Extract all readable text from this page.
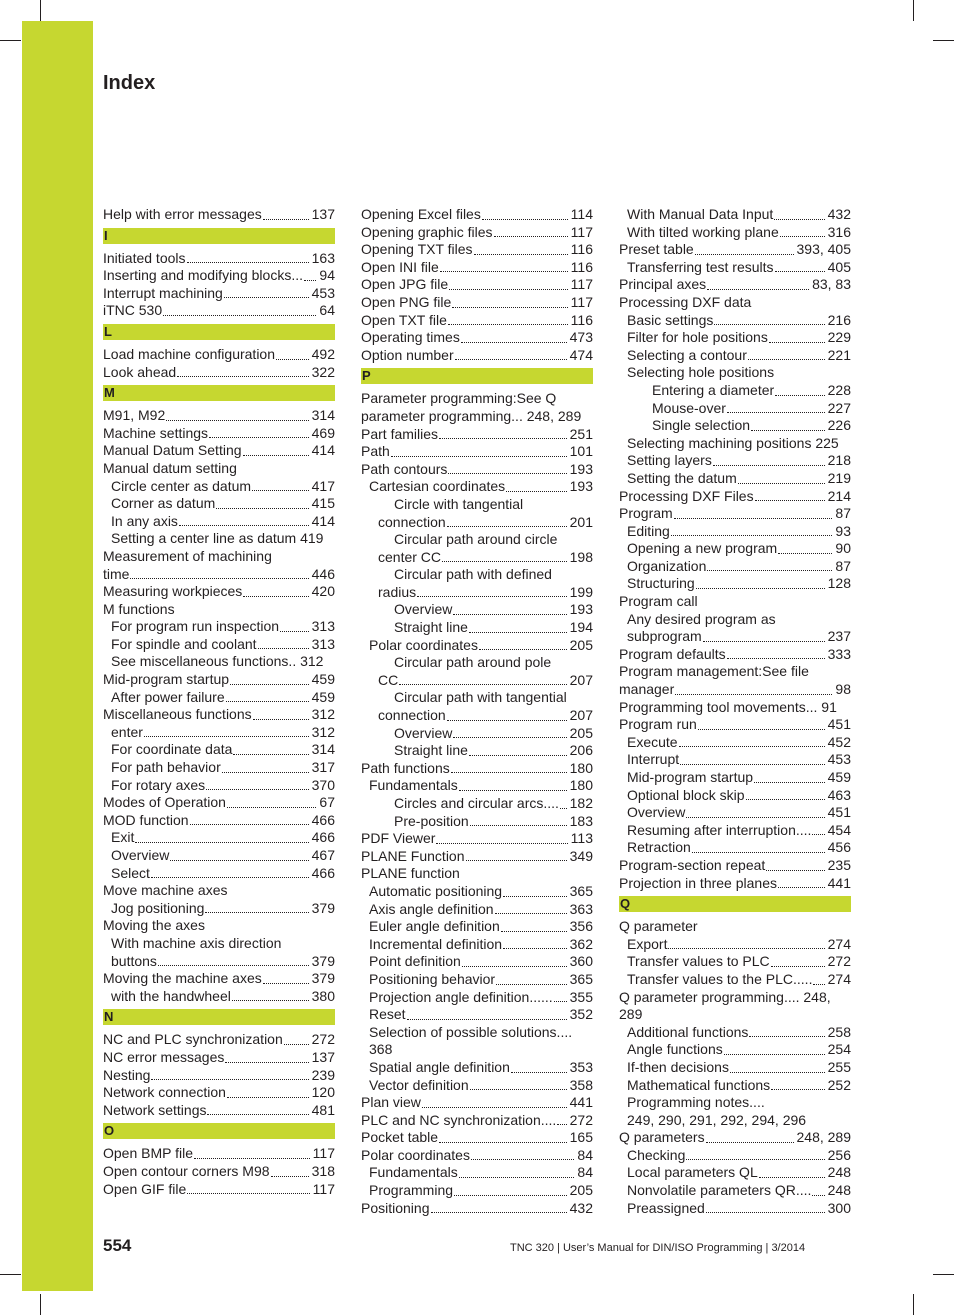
Index
Help with error messages	137
I
Initiated tools	163
Inserting and modifying blocks... 94
Interrupt machining	453
iTNC 530	64
L
Load machine configuration	492
Look ahead	322
M
M91, M92	314
Machine settings	469
Manual Datum Setting	414
Manual datum setting
Circle center as datum	417
Corner as datum	415
In any axis	414
Setting a center line as datum 419
Measurement of machining
time	446
Measuring workpieces	420
M functions
For program run inspection 313
For spindle and coolant	313
See miscellaneous functions.. 312
Mid-program startup	459
After power failure	459
Miscellaneous functions	312
enter	312
For coordinate data	314
For path behavior	317
For rotary axes	370
Modes of Operation	67
MOD function	466
Exit	466
Overview	467
Select	466
Move machine axes
Jog positioning	379
Moving the axes
With machine axis direction
buttons	379
Moving the machine axes	379
with the handwheel	380
N
NC and PLC synchronization 272
NC error messages	137
Nesting	239
Network connection	120
Network settings	481
O
Open BMP file	117
Open contour corners M98	318
Open GIF file	117
Opening Excel files	114
Opening graphic files	117
Opening TXT files	116
Open INI file	116
Open JPG file	117
Open PNG file	117
Open TXT file	116
Operating times	473
Option number	474
P
Parameter programming:See Q
parameter programming... 248, 289
Part families	251
Path	101
Path contours	193
Cartesian coordinates	193
Circle with tangential
connection	201
Circular path around circle
center CC	198
Circular path with defined
radius	199
Overview	193
Straight line	194
Polar coordinates	205
Circular path around pole
CC	207
Circular path with tangential
connection	207
Overview	205
Straight line	206
Path functions	180
Fundamentals	180
Circles and circular arcs.... 182
Pre-position	183
PDF Viewer	113
PLANE Function	349
PLANE function
Automatic positioning	365
Axis angle definition	363
Euler angle definition	356
Incremental definition	362
Point definition	360
Positioning behavior	365
Projection angle definition...... 355
Reset	352
Selection of possible solutions....
368
Spatial angle definition	353
Vector definition	358
Plan view	441
PLC and NC synchronization.... 272
Pocket table	165
Polar coordinates	84
Fundamentals	84
Programming	205
Positioning	432
With Manual Data Input	432
With tilted working plane	316
Preset table	393, 405
Transferring test results	405
Principal axes	83, 83
Processing DXF data
Basic settings	216
Filter for hole positions	229
Selecting a contour	221
Selecting hole positions
Entering a diameter	228
Mouse-over	227
Single selection	226
Selecting machining positions 225
Setting layers	218
Setting the datum	219
Processing DXF Files	214
Program	87
Editing	93
Opening a new program	90
Organization	87
Structuring	128
Program call
Any desired program as
subprogram	237
Program defaults	333
Program management:See file
manager	98
Programming tool movements... 91
Program run	451
Execute	452
Interrupt	453
Mid-program startup	459
Optional block skip	463
Overview	451
Resuming after interruption.... 454
Retraction	456
Program-section repeat	235
Projection in three planes	441
Q
Q parameter
Export	274
Transfer values to PLC	272
Transfer values to the PLC..... 274
Q parameter programming.... 248,
289
Additional functions	258
Angle functions	254
If-then decisions	255
Mathematical functions	252
Programming notes....
249, 290, 291, 292, 294, 296
Q parameters	248, 289
Checking	256
Local parameters QL	248
Nonvolatile parameters QR.... 248
Preassigned	300
554	TNC 320 | User’s Manual for DIN/ISO Programming | 3/2014
